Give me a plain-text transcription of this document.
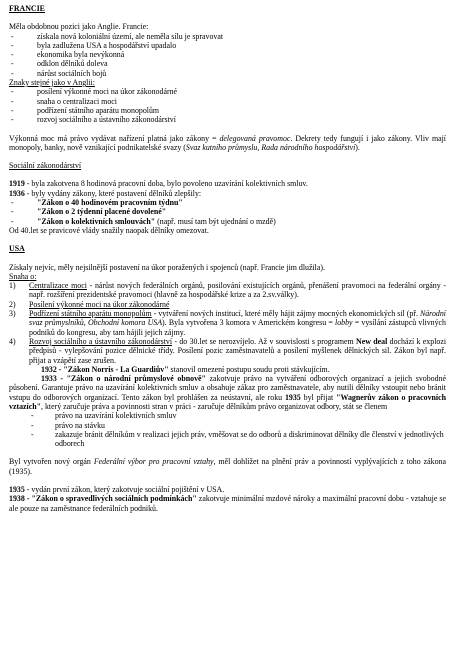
FRANCIE

Měla obdobnou pozici jako Anglie. Francie:

- získala nová koloniální území, ale neměla sílu je spravovat
- byla zadlužena USA a hospodářství upadalo
- ekonomika byla nevýkonná
- odklon dělníků doleva
- nárůst sociálních bojů

Znaky stejné jako v Anglii:

- posílení výkonné moci na úkor zákonodárné
- snaha o centralizaci moci
- podřízení státního aparátu monopolům
- rozvoj sociálního a ústavního zákonodárství

Výkonná moc má právo vydávat nařízení platná jako zákony = delegovaná pravomoc. Dekrety tedy fungují i jako zákony. Vliv mají monopoly, banky, nově vznikající podnikatelské svazy (Svaz kutního průmyslu, Rada národního hospodářství).

Sociální zákonodárství

1919 - byla zakotvena 8 hodinová pracovní doba, bylo povoleno uzavírání kolektivních smluv.

1936 - byly vydány zákony, které postavení dělníků zlepšily:

- "Zákon o 40 hodinovém pracovním týdnu"
- "Zákon o 2 týdenní placené dovolené"
- "Zákon o kolektivních smlouvách" (např. musí tam být ujednání o mzdě)

Od 40.let se pravicové vlády snažily naopak dělníky omezovat.

USA

Získaly nejvíc, měly nejsilnější postavení na úkor poražených i spojenců (např. Francie jim dlužila).

Snaha o:

1) Centralizace moci - nárůst nových federálních orgánů, posilování existujících orgánů, přenášení pravomoci na federální orgány - např. rozšíření prezidentské pravomoci (hlavně za hospodářské krize a za 2.sv.války).
2) Posílení výkonné moci na úkor zákonodárné
3) Podřízení státního aparátu monopolům - vytváření nových institucí, které měly hájit zájmy mocných ekonomických sil (př. Národní svaz průmyslníků, Obchodní komora USA). Byla vytvořena 3 komora v Americkém kongresu = lobby = vysílání zástupců vlivných podniků do kongresu, aby tam hájili jejich zájmy.
4) Rozvoj sociálního a ústavního zákonodárství - do 30.let se nerozvíjelo. Až v souvislosti s programem New deal dochází k explozi předpisů - vylepšování pozice dělnické třídy. Posílení pozic zaměstnavatelů a posílení myšlenek dělnických sil. Zákon byl např. přijat a vzápětí zase zrušen.

1932 - "Zákon Norris - La Guardiův" stanovil omezení postupu soudu proti stávkujícím.

1933 - "Zákon o národní průmyslové obnově" zakotvuje právo na vytváření odborových organizací a jejich svobodné působení. Garantuje právo na uzavírání kolektivních smluv a obsahuje zákaz pro zaměstnavatele, aby nutili dělníky vstoupit nebo bránit vstupu do odborových organizací. Tento zákon byl prohlášen za neústavní, ale roku 1935 byl přijat "Wagnerův zákon o pracovních vztazích", který zaručuje práva a povinnosti stran v práci - zaručuje dělníkům právo organizovat odbory, stát se členem

- právo na uzavírání kolektivních smluv
- právo na stávku
- zakazuje bránit dělníkům v realizaci jejich práv, vměšovat se do odborů a diskriminovat dělníky dle členství v jednotlivých odborech

Byl vytvořen nový orgán Federální výbor pro pracovní vztahy, měl dohlížet na plnění práv a povinností vyplývajících z toho zákona (1935).

1935 - vydán první zákon, který zakotvuje sociální pojištění v USA.

1938 - "Zákon o spravedlivých sociálních podmínkách" zakotvuje minimální mzdové nároky a maximální pracovní dobu - vztahuje se ale pouze na zaměstnance federálních podniků.
